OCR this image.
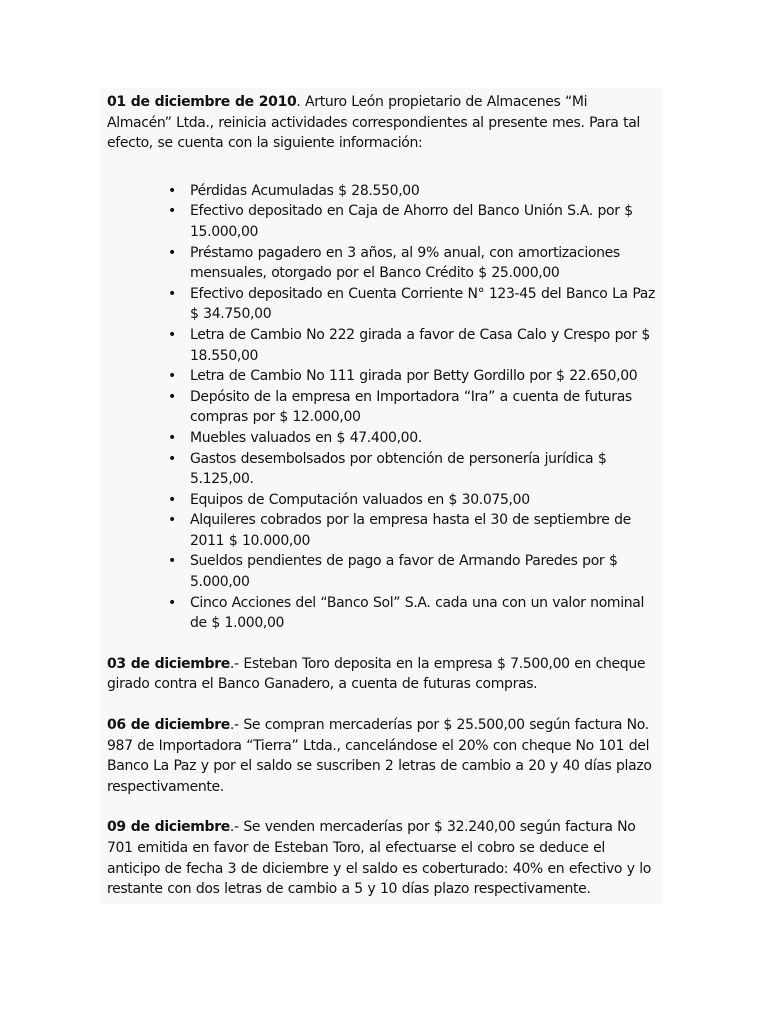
01 de diciembre de 2010. Arturo León propietario de Almacenes “Mi Almacén” Ltda., reinicia actividades correspondientes al presente mes. Para tal efecto, se cuenta con la siguiente información:

• Pérdidas Acumuladas $ 28.550,00
• Efectivo depositado en Caja de Ahorro del Banco Unión S.A. por $ 15.000,00
• Préstamo pagadero en 3 años, al 9% anual, con amortizaciones mensuales, otorgado por el Banco Crédito $ 25.000,00
• Efectivo depositado en Cuenta Corriente N° 123-45 del Banco La Paz $ 34.750,00
• Letra de Cambio No 222 girada a favor de Casa Calo y Crespo por $ 18.550,00
• Letra de Cambio No 111 girada por Betty Gordillo por $ 22.650,00
• Depósito de la empresa en Importadora “Ira” a cuenta de futuras compras por $ 12.000,00
• Muebles valuados en $ 47.400,00.
• Gastos desembolsados por obtención de personería jurídica $ 5.125,00.
• Equipos de Computación valuados en $ 30.075,00
• Alquileres cobrados por la empresa hasta el 30 de septiembre de 2011 $ 10.000,00
• Sueldos pendientes de pago a favor de Armando Paredes por $ 5.000,00
• Cinco Acciones del “Banco Sol” S.A. cada una con un valor nominal de $ 1.000,00

03 de diciembre.- Esteban Toro deposita en la empresa $ 7.500,00 en cheque girado contra el Banco Ganadero, a cuenta de futuras compras.

06 de diciembre.- Se compran mercaderías por $ 25.500,00 según factura No. 987 de Importadora “Tierra” Ltda., cancelándose el 20% con cheque No 101 del Banco La Paz y por el saldo se suscriben 2 letras de cambio a 20 y 40 días plazo respectivamente.

09 de diciembre.- Se venden mercaderías por $ 32.240,00 según factura No 701 emitida en favor de Esteban Toro, al efectuarse el cobro se deduce el anticipo de fecha 3 de diciembre y el saldo es coberturado: 40% en efectivo y lo restante con dos letras de cambio a 5 y 10 días plazo respectivamente.
